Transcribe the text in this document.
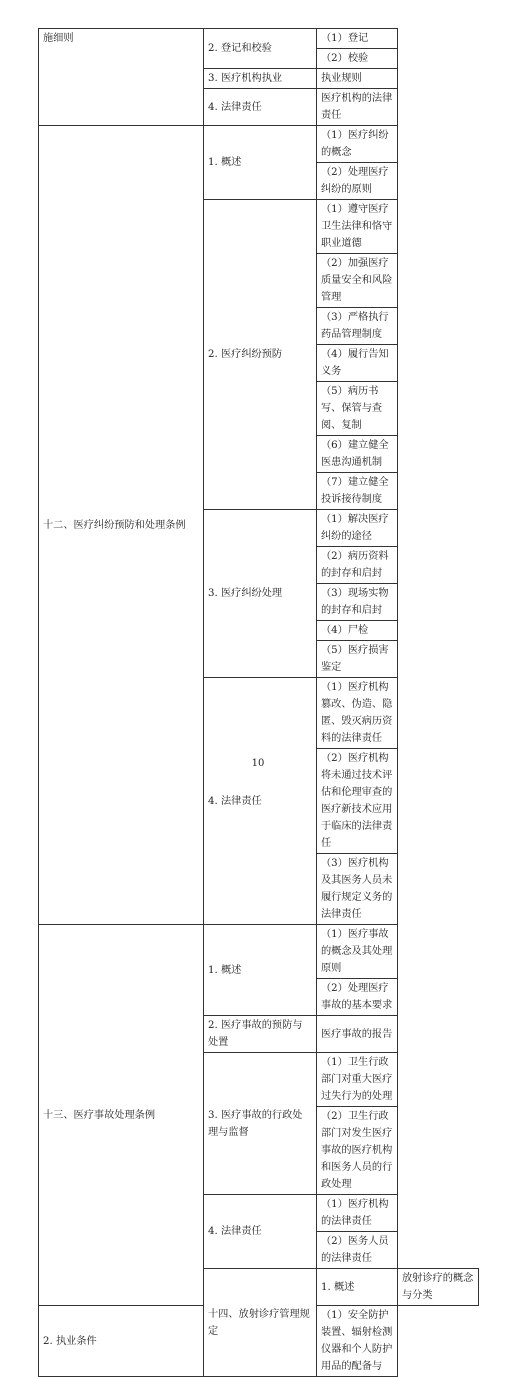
施细则	2. 登记和校验	（1）登记	
		（2）校验	
	3. 医疗机构执业	执业规则	
	4. 法律责任	医疗机构的法律责任	
十二、医疗纠纷预防和处理条例	1. 概述	（1）医疗纠纷的概念	
		（2）处理医疗纠纷的原则	
	2. 医疗纠纷预防	（1）遵守医疗卫生法律和恪守职业道德	
		（2）加强医疗质量安全和风险管理	
		（3）严格执行药品管理制度	
		（4）履行告知义务	
		（5）病历书写、保管与查阅、复制	
		（6）建立健全医患沟通机制	
		（7）建立健全投诉接待制度	
	3. 医疗纠纷处理	（1）解决医疗纠纷的途径	
		（2）病历资料的封存和启封	
		（3）现场实物的封存和启封	
		（4）尸检	
		（5）医疗损害鉴定	
	4. 法律责任	（1）医疗机构篡改、伪造、隐匿、毁灭病历资料的法律责任	
		（2）医疗机构将未通过技术评估和伦理审查的医疗新技术应用于临床的法律责任	
		（3）医疗机构及其医务人员未履行规定义务的法律责任	
十三、医疗事故处理条例	1. 概述	（1）医疗事故的概念及其处理原则	
		（2）处理医疗事故的基本要求	
	2. 医疗事故的预防与处置	医疗事故的报告	
	3. 医疗事故的行政处理与监督	（1）卫生行政部门对重大医疗过失行为的处理	
		（2）卫生行政部门对发生医疗事故的医疗机构和医务人员的行政处理	
	4. 法律责任	（1）医疗机构的法律责任	
		（2）医务人员的法律责任	
	十四、放射诊疗管理规定	1. 概述	放射诊疗的概念与分类
2. 执业条件		（1）安全防护装置、辐射检测仪器和个人防护用品的配备与	
10
